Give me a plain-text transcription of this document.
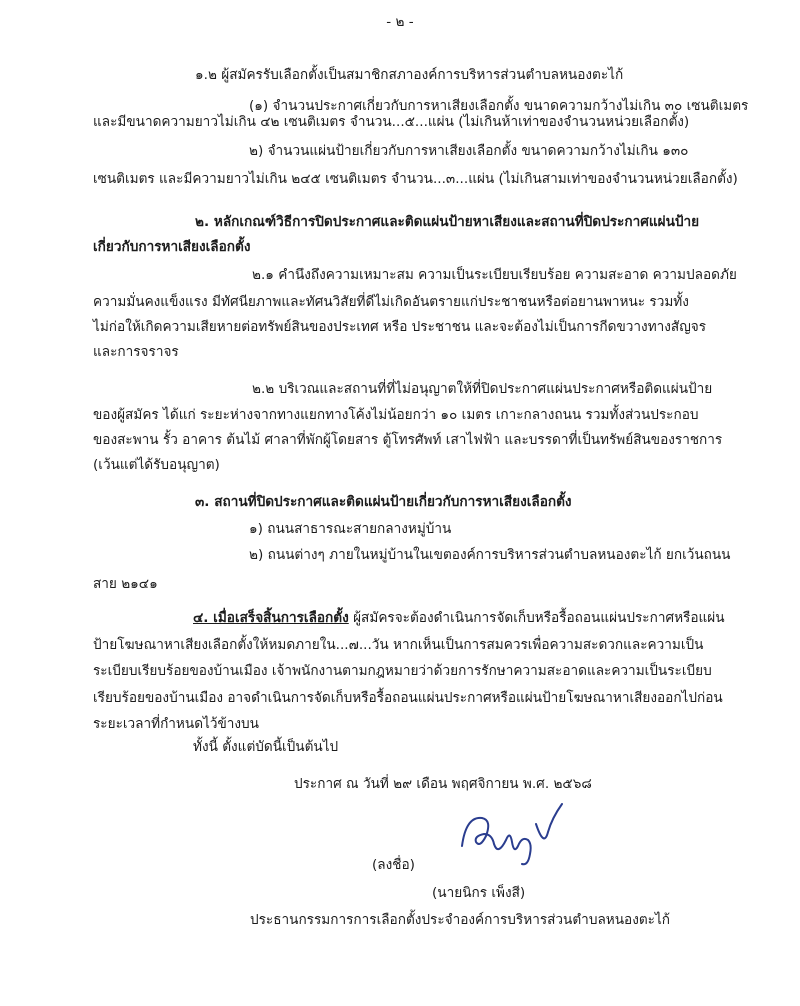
- ๒ -
๑.๒ ผู้สมัครรับเลือกตั้งเป็นสมาชิกสภาองค์การบริหารส่วนตำบลหนองตะไก้
(๑) จำนวนประกาศเกี่ยวกับการหาเสียงเลือกตั้ง ขนาดความกว้างไม่เกิน ๓๐ เซนติเมตร
และมีขนาดความยาวไม่เกิน ๔๒ เซนติเมตร จำนวน...๕...แผ่น (ไม่เกินห้าเท่าของจำนวนหน่วยเลือกตั้ง)
๒) จำนวนแผ่นป้ายเกี่ยวกับการหาเสียงเลือกตั้ง ขนาดความกว้างไม่เกิน ๑๓๐
เซนติเมตร และมีความยาวไม่เกิน ๒๔๕ เซนติเมตร จำนวน...๓...แผ่น (ไม่เกินสามเท่าของจำนวนหน่วยเลือกตั้ง)
๒. หลักเกณฑ์วิธีการปิดประกาศและติดแผ่นป้ายหาเสียงและสถานที่ปิดประกาศแผ่นป้าย
เกี่ยวกับการหาเสียงเลือกตั้ง
๒.๑ คำนึงถึงความเหมาะสม ความเป็นระเบียบเรียบร้อย ความสะอาด ความปลอดภัย
ความมั่นคงแข็งแรง มีทัศนียภาพและทัศนวิสัยที่ดีไม่เกิดอันตรายแก่ประชาชนหรือต่อยานพาหนะ รวมทั้ง
ไม่ก่อให้เกิดความเสียหายต่อทรัพย์สินของประเทศ หรือ ประชาชน และจะต้องไม่เป็นการกีดขวางทางสัญจร
และการจราจร
๒.๒ บริเวณและสถานที่ที่ไม่อนุญาตให้ที่ปิดประกาศแผ่นประกาศหรือติดแผ่นป้าย
ของผู้สมัคร ได้แก่ ระยะห่างจากทางแยกทางโค้งไม่น้อยกว่า ๑๐ เมตร เกาะกลางถนน รวมทั้งส่วนประกอบ
ของสะพาน รั้ว อาคาร ต้นไม้ ศาลาที่พักผู้โดยสาร ตู้โทรศัพท์ เสาไฟฟ้า และบรรดาที่เป็นทรัพย์สินของราชการ
(เว้นแต่ได้รับอนุญาต)
๓. สถานที่ปิดประกาศและติดแผ่นป้ายเกี่ยวกับการหาเสียงเลือกตั้ง
๑) ถนนสาธารณะสายกลางหมู่บ้าน
๒) ถนนต่างๆ ภายในหมู่บ้านในเขตองค์การบริหารส่วนตำบลหนองตะไก้ ยกเว้นถนน
สาย ๒๑๔๑
๔. เมื่อเสร็จสิ้นการเลือกตั้ง ผู้สมัครจะต้องดำเนินการจัดเก็บหรือรื้อถอนแผ่นประกาศหรือแผ่น
ป้ายโฆษณาหาเสียงเลือกตั้งให้หมดภายใน...๗...วัน หากเห็นเป็นการสมควรเพื่อความสะดวกและความเป็น
ระเบียบเรียบร้อยของบ้านเมือง เจ้าพนักงานตามกฎหมายว่าด้วยการรักษาความสะอาดและความเป็นระเบียบ
เรียบร้อยของบ้านเมือง อาจดำเนินการจัดเก็บหรือรื้อถอนแผ่นประกาศหรือแผ่นป้ายโฆษณาหาเสียงออกไปก่อน
ระยะเวลาที่กำหนดไว้ข้างบน
ทั้งนี้ ตั้งแต่บัดนี้เป็นต้นไป
ประกาศ ณ วันที่ ๒๙ เดือน พฤศจิกายน พ.ศ. ๒๕๖๘
(ลงชื่อ)
(นายนิกร เพ็งสี)
ประธานกรรมการการเลือกตั้งประจำองค์การบริหารส่วนตำบลหนองตะไก้
